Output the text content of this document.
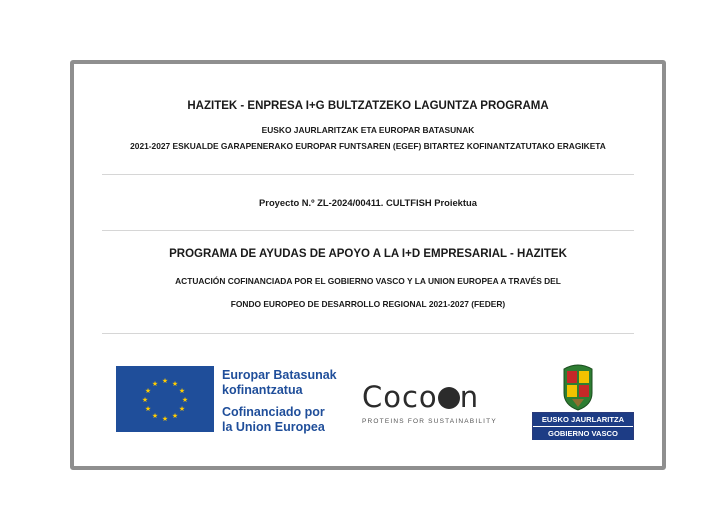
HAZITEK - ENPRESA I+G BULTZATZEKO LAGUNTZA PROGRAMA
EUSKO JAURLARITZAK ETA EUROPAR BATASUNAK
2021-2027 ESKUALDE GARAPENERAKO EUROPAR FUNTSAREN (EGEF) BITARTEZ KOFINANTZATUTAKO ERAGIKETA
Proyecto N.º ZL-2024/00411. CULTFISH Proiektua
PROGRAMA DE AYUDAS DE APOYO A LA I+D EMPRESARIAL - HAZITEK
ACTUACIÓN COFINANCIADA POR EL GOBIERNO VASCO Y LA UNION EUROPEA A TRAVÉS DEL
FONDO EUROPEO DE DESARROLLO REGIONAL 2021-2027 (FEDER)
★ ★
★
★
★
★
★
★
★
★
★
★
Europar Batasunak
kofinantzatua
Cofinanciado por
la Union Europea
Coco n
PROTEINS FOR SUSTAINABILITY	EUSKO JAURLARITZA
GOBIERNO VASCO
